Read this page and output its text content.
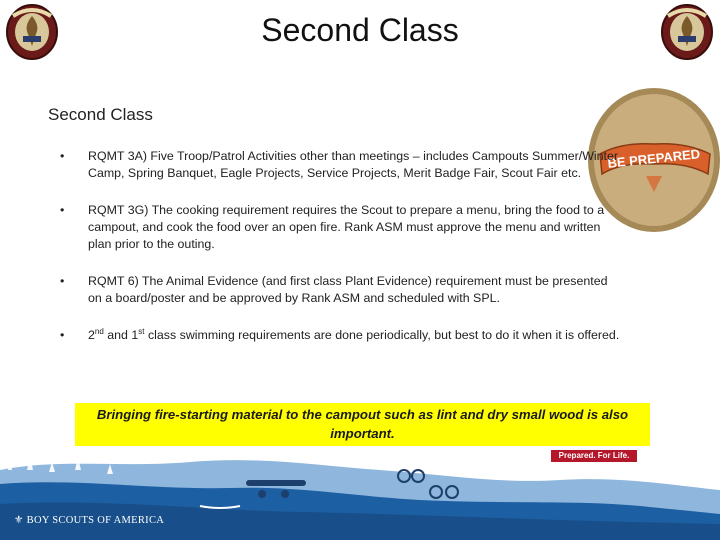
Second Class
Second Class
BE PREPARED
• RQMT 3A) Five Troop/Patrol Activities other than meetings – includes Campouts Summer/Winter Camp, Spring Banquet, Eagle Projects, Service Projects, Merit Badge Fair, Scout Fair etc.
• RQMT 3G) The cooking requirement requires the Scout to prepare a menu, bring the food to a campout, and cook the food over an open fire. Rank ASM must approve the menu and written plan prior to the outing.
• RQMT 6) The Animal Evidence (and first class Plant Evidence) requirement must be presented on a board/poster and be approved by Rank ASM and scheduled with SPL.
• 2nd and 1st class swimming requirements are done periodically, but best to do it when it is offered.
Bringing fire-starting material to the campout such as lint and dry small wood is also important.
Prepared. For Life.
⚜ BOY SCOUTS OF AMERICA
